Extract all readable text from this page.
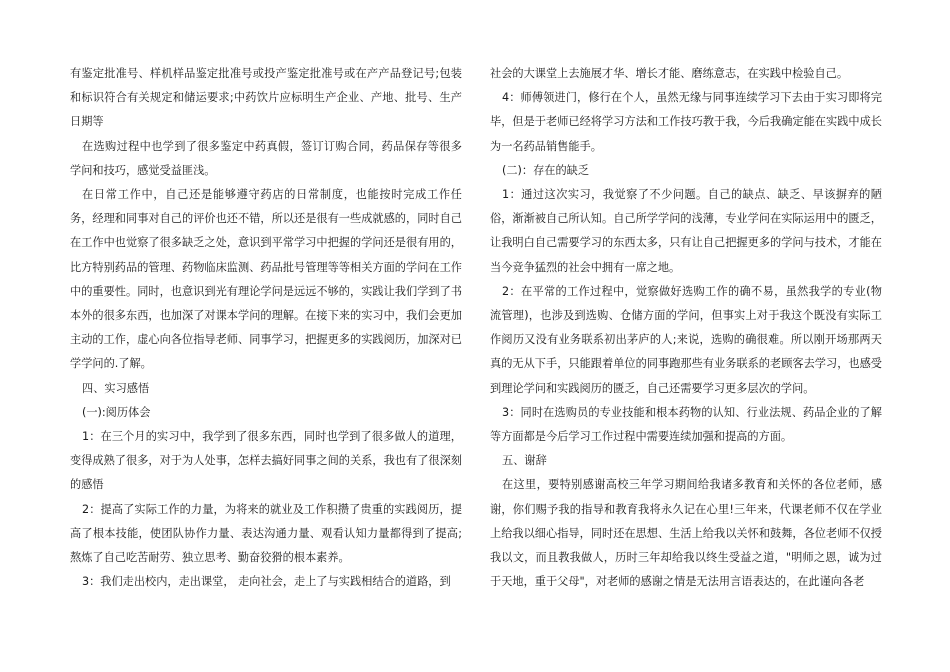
有鉴定批准号、样机样品鉴定批准号或投产鉴定批准号或在产产品登记号;包装和标识符合有关规定和储运要求;中药饮片应标明生产企业、产地、批号、生产日期等

在选购过程中也学到了很多鉴定中药真假，签订订购合同，药品保存等很多学问和技巧，感觉受益匪浅。

在日常工作中，自己还是能够遵守药店的日常制度，也能按时完成工作任务，经理和同事对自己的评价也还不错，所以还是很有一些成就感的，同时自己在工作中也觉察了很多缺乏之处，意识到平常学习中把握的学问还是很有用的，比方特别药品的管理、药物临床监测、药品批号管理等等相关方面的学问在工作中的重要性。同时，也意识到光有理论学问是远远不够的，实践让我们学到了书本外的很多东西，也加深了对课本学问的理解。在接下来的实习中，我们会更加主动的工作，虚心向各位指导老师、同事学习，把握更多的实践阅历，加深对已学学问的.了解。

四、实习感悟

(一):阅历体会

1：在三个月的实习中，我学到了很多东西，同时也学到了很多做人的道理，变得成熟了很多，对于为人处事，怎样去搞好同事之间的关系，我也有了很深刻的感悟

2：提高了实际工作的力量，为将来的就业及工作积攒了贵重的实践阅历，提高了根本技能，使团队协作力量、表达沟通力量、观看认知力量都得到了提高;熬炼了自己吃苦耐劳、独立思考、勤奋狡猾的根本素养。

3：我们走出校内，走出课堂， 走向社会，走上了与实践相结合的道路，到

社会的大课堂上去施展才华、增长才能、磨练意志，在实践中检验自己。

4：师傅领进门，修行在个人，虽然无缘与同事连续学习下去由于实习即将完毕，但是于老师已经将学习方法和工作技巧教于我，今后我确定能在实践中成长为一名药品销售能手。

(二)：存在的缺乏

1：通过这次实习，我觉察了不少问题。自己的缺点、缺乏、早该摒弃的陋俗，渐渐被自己所认知。自己所学学问的浅薄，专业学问在实际运用中的匮乏，让我明白自己需要学习的东西太多，只有让自己把握更多的学问与技术，才能在当今竞争猛烈的社会中拥有一席之地。

2：在平常的工作过程中，觉察做好选购工作的确不易，虽然我学的专业(物流管理)，也涉及到选购、仓储方面的学问，但事实上对于我这个既没有实际工作阅历又没有业务联系初出茅庐的人;来说，选购的确很难。所以刚开场那两天真的无从下手，只能跟着单位的同事跑那些有业务联系的老顾客去学习，也感受到理论学问和实践阅历的匮乏，自己还需要学习更多层次的学问。

3：同时在选购员的专业技能和根本药物的认知、行业法规、药品企业的了解等方面都是今后学习工作过程中需要连续加强和提高的方面。

五、谢辞

在这里，要特别感谢高校三年学习期间给我诸多教育和关怀的各位老师，感谢，你们赐予我的指导和教育我将永久记在心里!三年来，代课老师不仅在学业上给我以细心指导，同时还在思想、生活上给我以关怀和鼓舞，各位老师不仅授我以文，而且教我做人，历时三年却给我以终生受益之道，"明师之恩，诚为过于天地，重于父母"，对老师的感谢之情是无法用言语表达的，在此谨向各老
